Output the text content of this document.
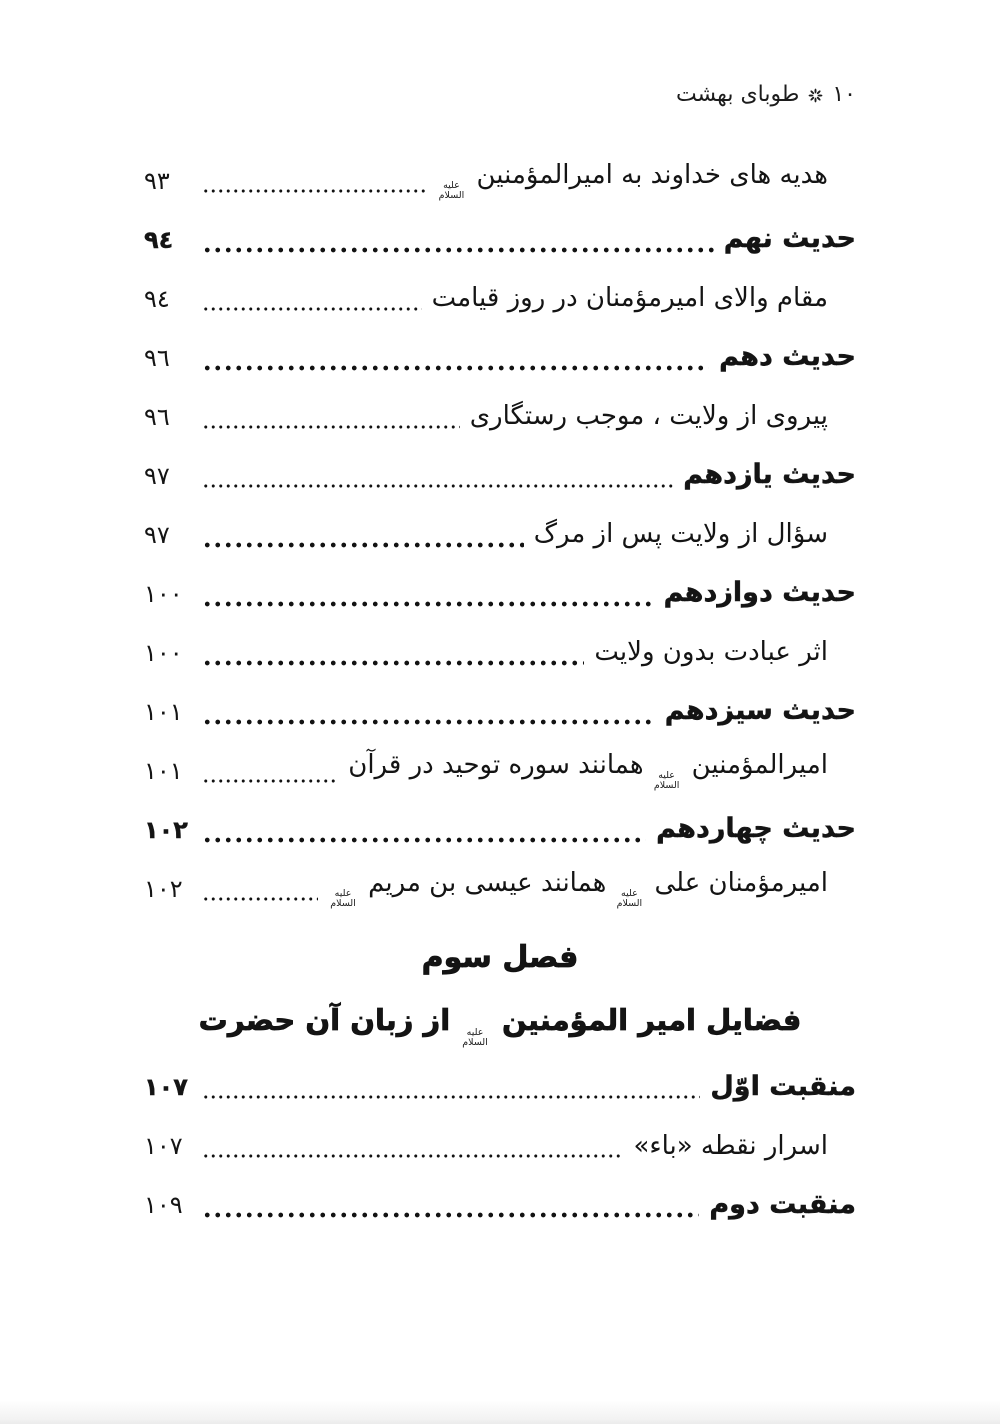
١٠
طوبای بهشت
هدیه های خداوند به امیرالمؤمنین
علیه
السلام
٩٣
حدیث نهم
٩٤
مقام والای امیرمؤمنان در روز قیامت
٩٤
حدیث دهم
٩٦
پیروی از ولایت ، موجب رستگاری
٩٦
حدیث یازدهم
٩٧
سؤال از ولایت پس از مرگ
٩٧
حدیث دوازدهم
١٠٠
اثر عبادت بدون ولایت
١٠٠
حدیث سیزدهم
١٠١
امیرالمؤمنین
علیه
السلام
همانند سوره توحید در قرآن
١٠١
حدیث چهاردهم
١٠٢
امیرمؤمنان علی
علیه
السلام
همانند عیسی بن مریم
علیه
السلام
١٠٢
فصل سوم
فضایل امیر المؤمنین
علیه
السلام
از زبان آن حضرت
منقبت اوّل
١٠٧
اسرار نقطه «باء»
١٠٧
منقبت دوم
١٠٩
